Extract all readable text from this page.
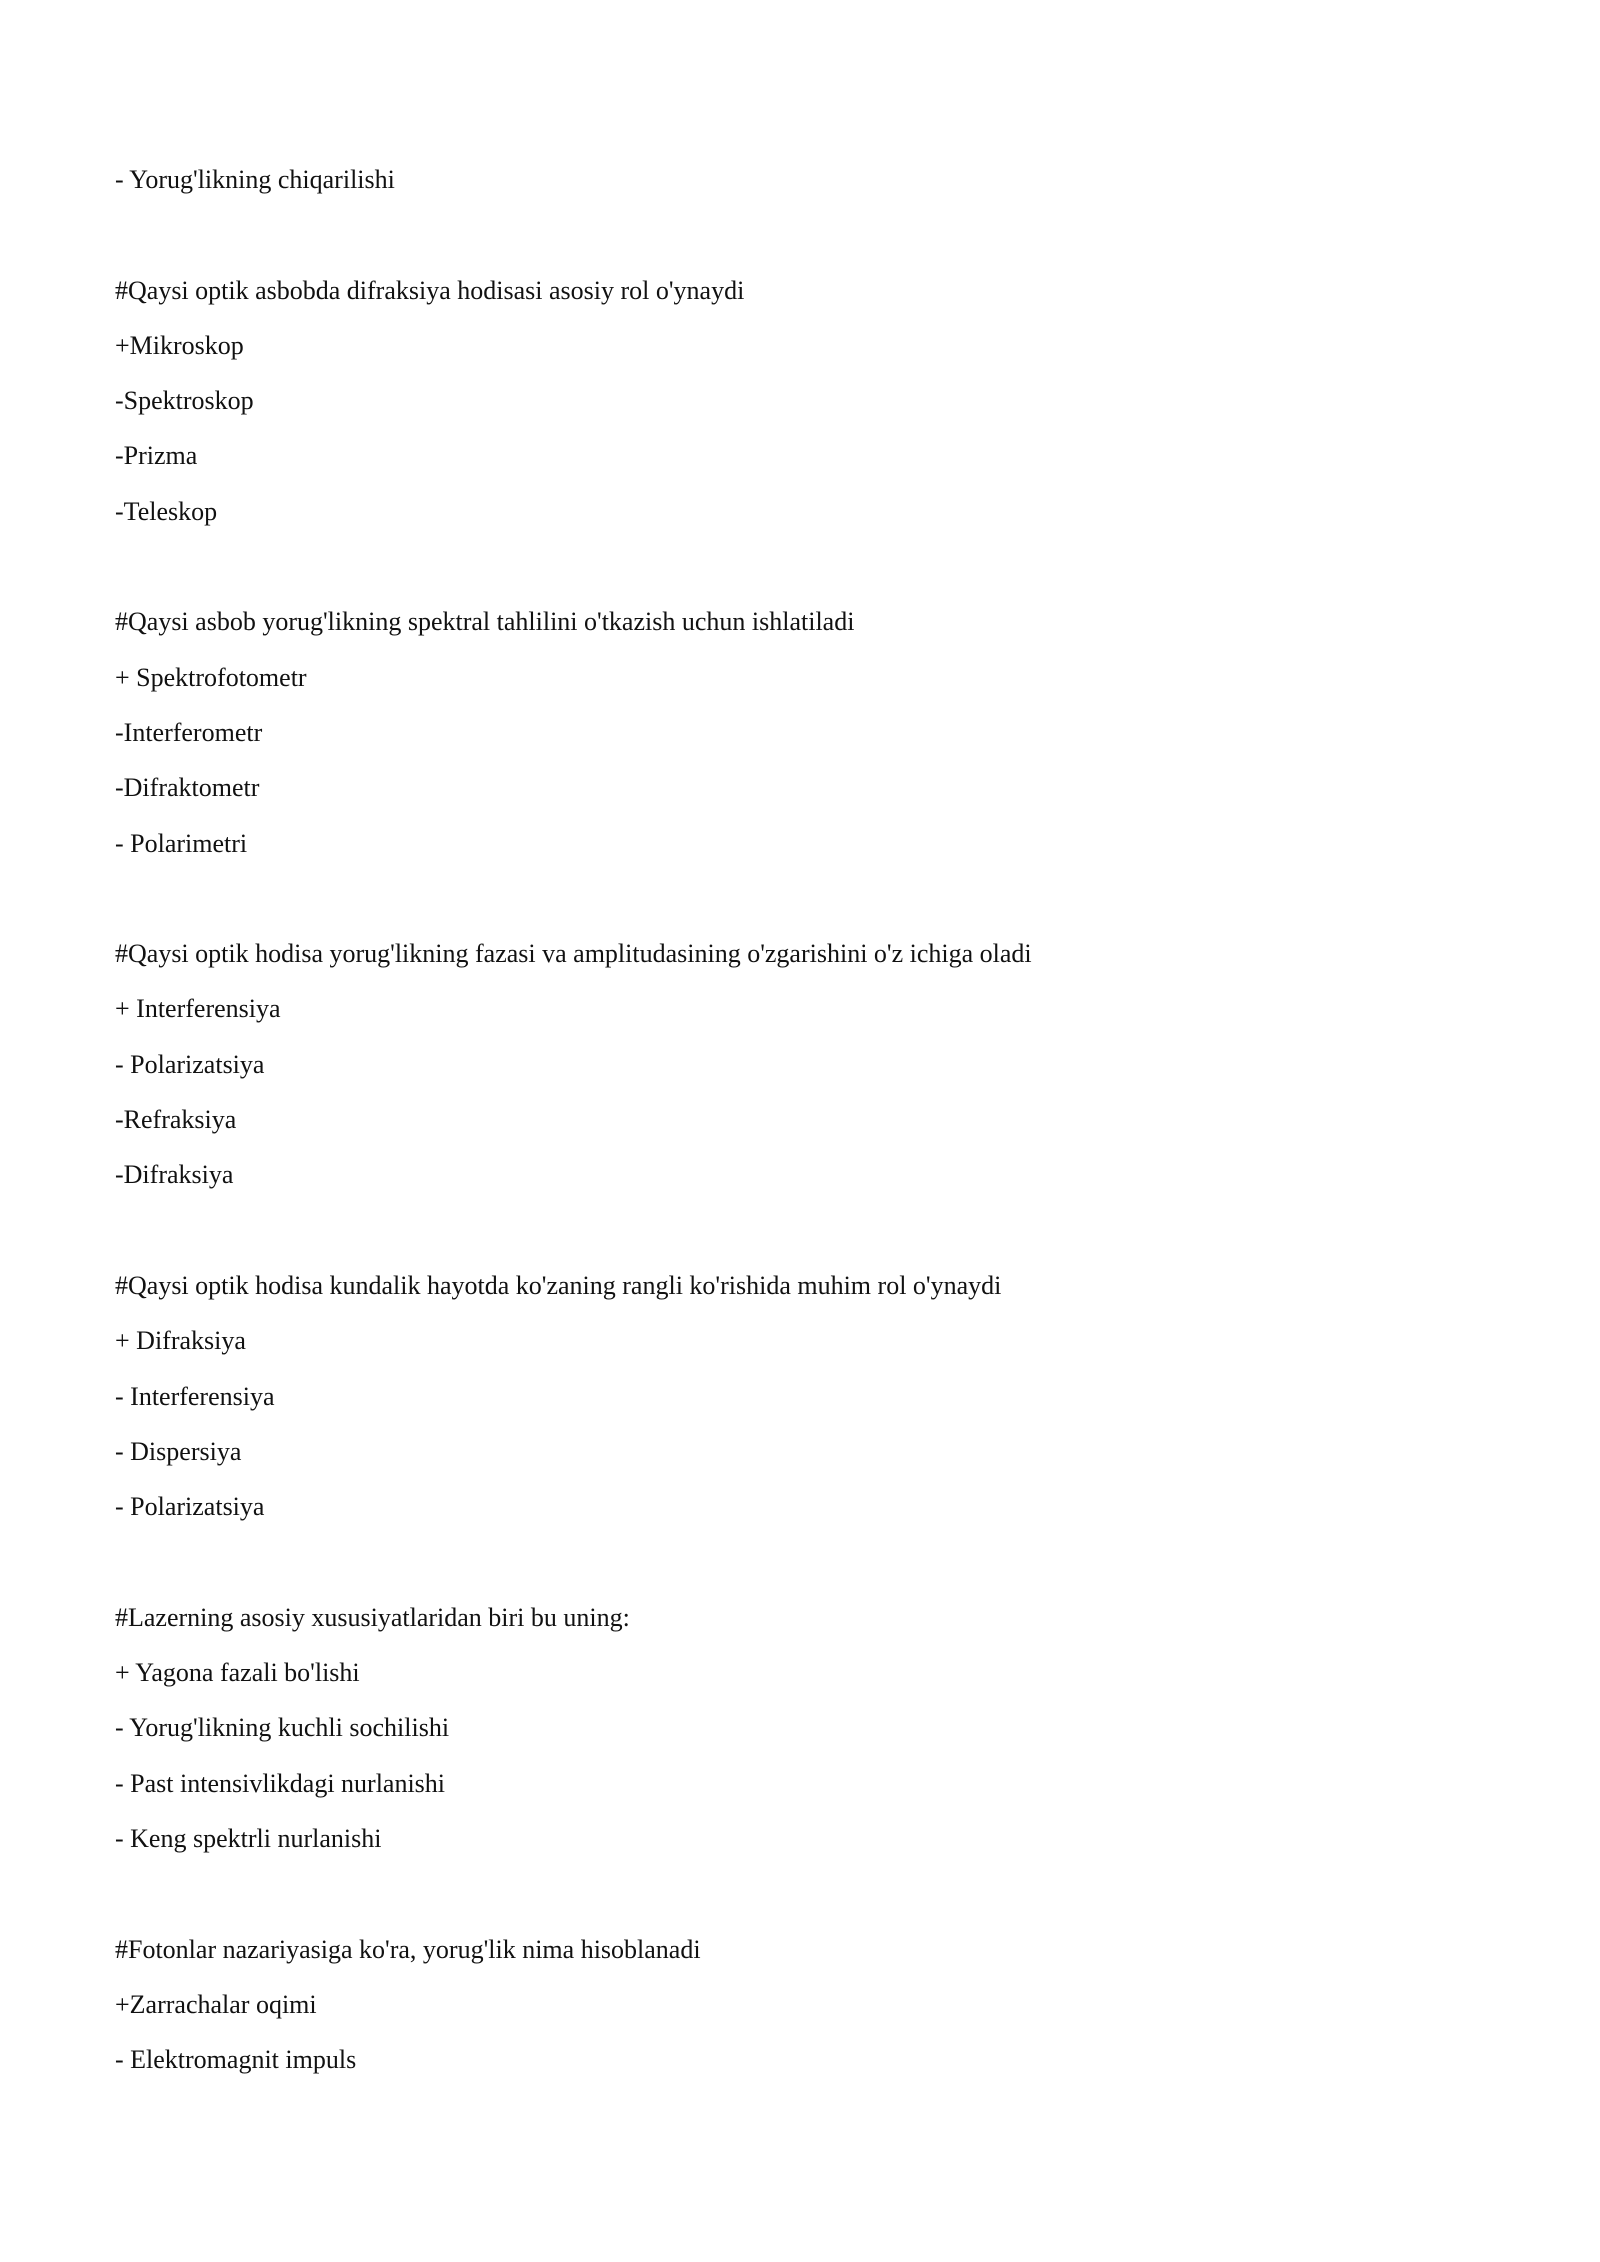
- Yorug'likning chiqarilishi
#Qaysi optik asbobda difraksiya hodisasi asosiy rol o'ynaydi
+Mikroskop
-Spektroskop
-Prizma
-Teleskop
#Qaysi asbob yorug'likning spektral tahlilini o'tkazish uchun ishlatiladi
+ Spektrofotometr
-Interferometr
-Difraktometr
- Polarimetri
#Qaysi optik hodisa yorug'likning fazasi va amplitudasining o'zgarishini o'z ichiga oladi
+ Interferensiya
- Polarizatsiya
-Refraksiya
-Difraksiya
#Qaysi optik hodisa kundalik hayotda ko'zaning rangli ko'rishida muhim rol o'ynaydi
+ Difraksiya
- Interferensiya
- Dispersiya
- Polarizatsiya
#Lazerning asosiy xususiyatlaridan biri bu uning:
+ Yagona fazali bo'lishi
- Yorug'likning kuchli sochilishi
- Past intensivlikdagi nurlanishi
- Keng spektrli nurlanishi
#Fotonlar nazariyasiga ko'ra, yorug'lik nima hisoblanadi
+Zarrachalar oqimi
- Elektromagnit impuls
